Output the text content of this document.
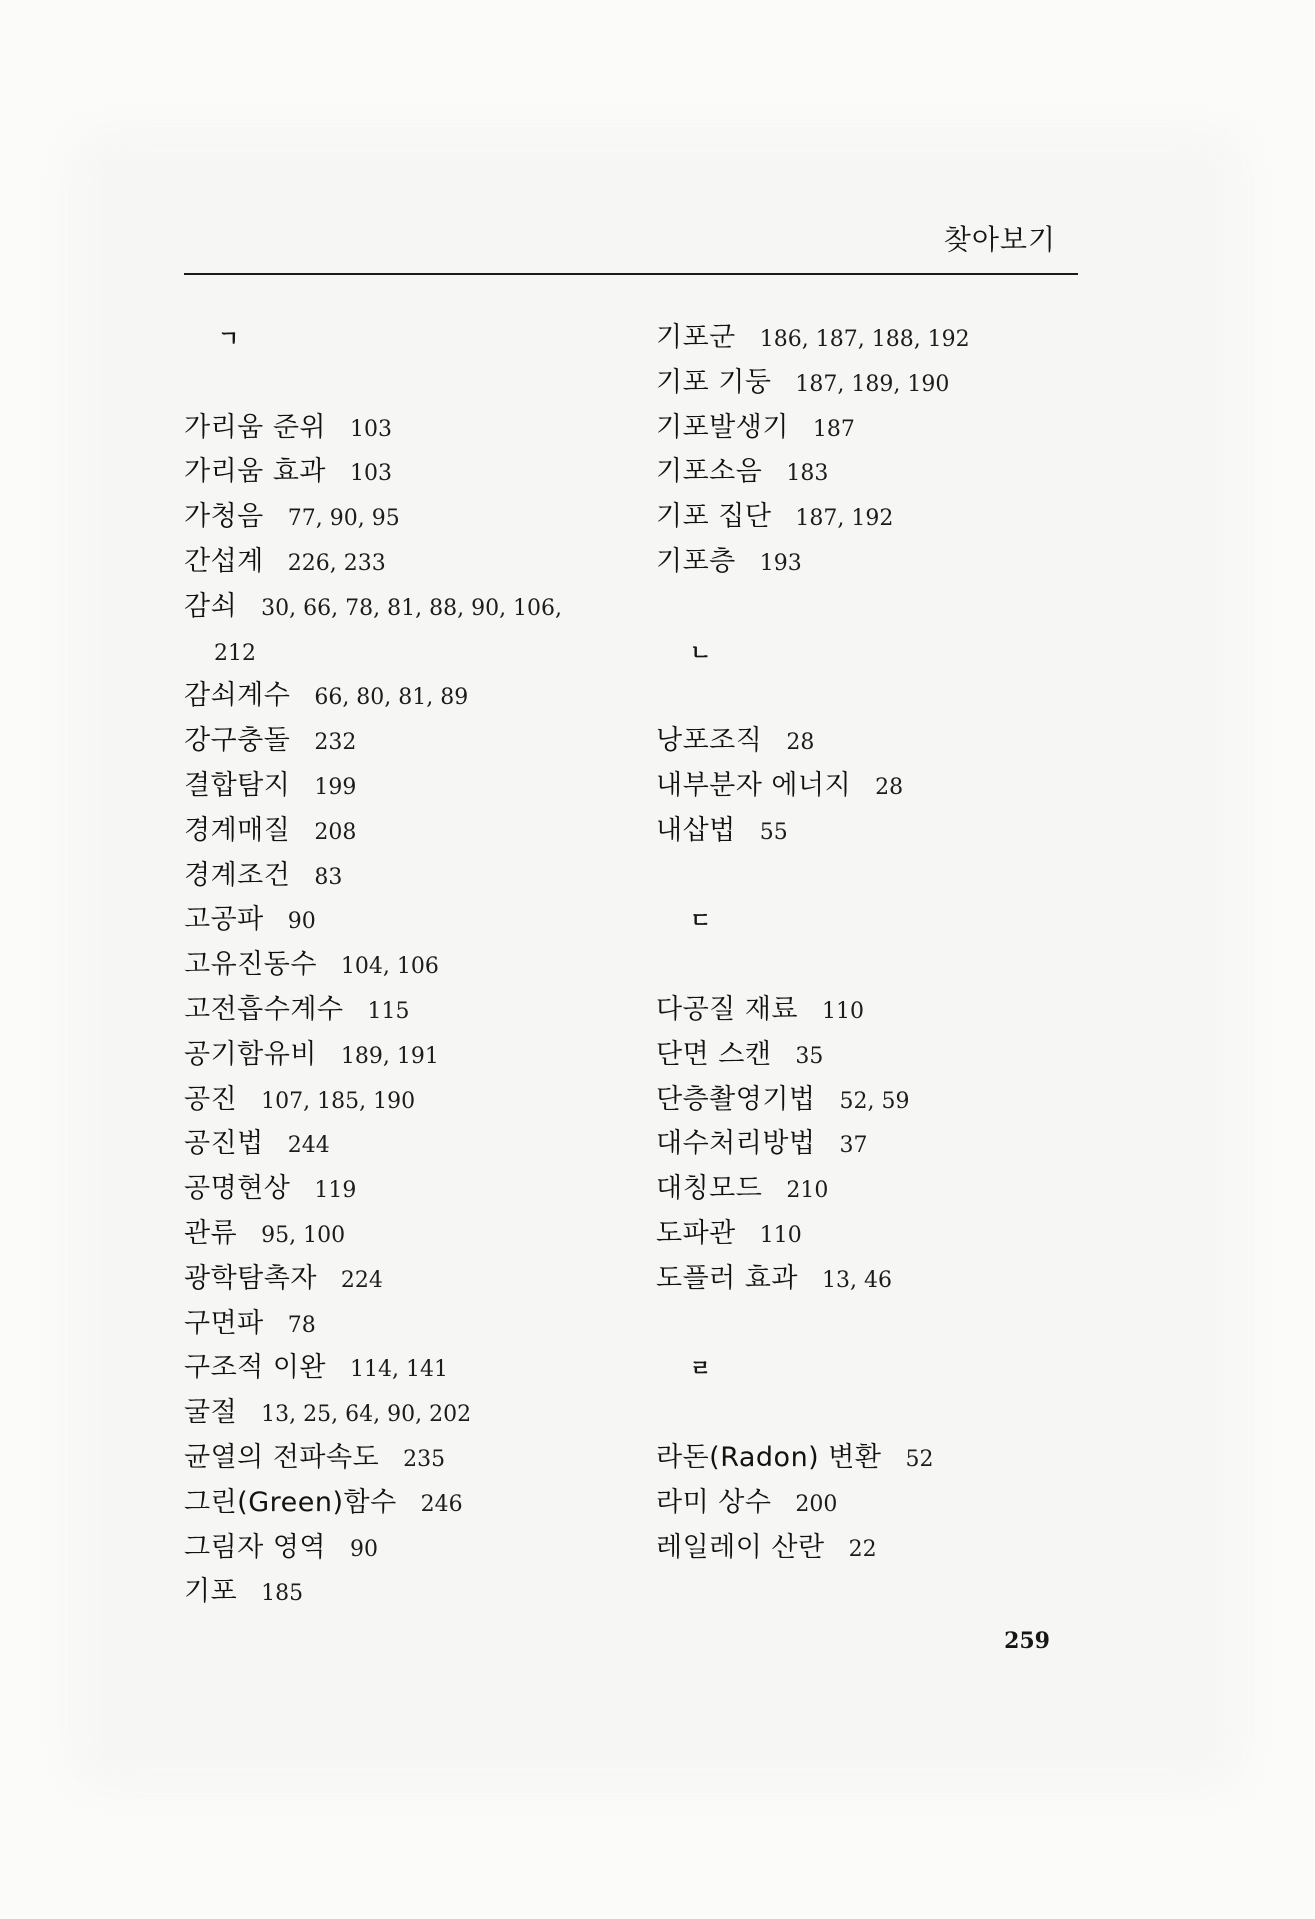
찾아보기
ㄱ
가리움 준위 103
가리움 효과 103
가청음 77, 90, 95
간섭계 226, 233
감쇠 30, 66, 78, 81, 88, 90, 106,
212
감쇠계수 66, 80, 81, 89
강구충돌 232
결합탐지 199
경계매질 208
경계조건 83
고공파 90
고유진동수 104, 106
고전흡수계수 115
공기함유비 189, 191
공진 107, 185, 190
공진법 244
공명현상 119
관류 95, 100
광학탐촉자 224
구면파 78
구조적 이완 114, 141
굴절 13, 25, 64, 90, 202
균열의 전파속도 235
그린(Green)함수 246
그림자 영역 90
기포 185
기포군 186, 187, 188, 192
기포 기둥 187, 189, 190
기포발생기 187
기포소음 183
기포 집단 187, 192
기포층 193
ㄴ
낭포조직 28
내부분자 에너지 28
내삽법 55
ㄷ
다공질 재료 110
단면 스캔 35
단층촬영기법 52, 59
대수처리방법 37
대칭모드 210
도파관 110
도플러 효과 13, 46
ㄹ
라돈(Radon) 변환 52
라미 상수 200
레일레이 산란 22
259
